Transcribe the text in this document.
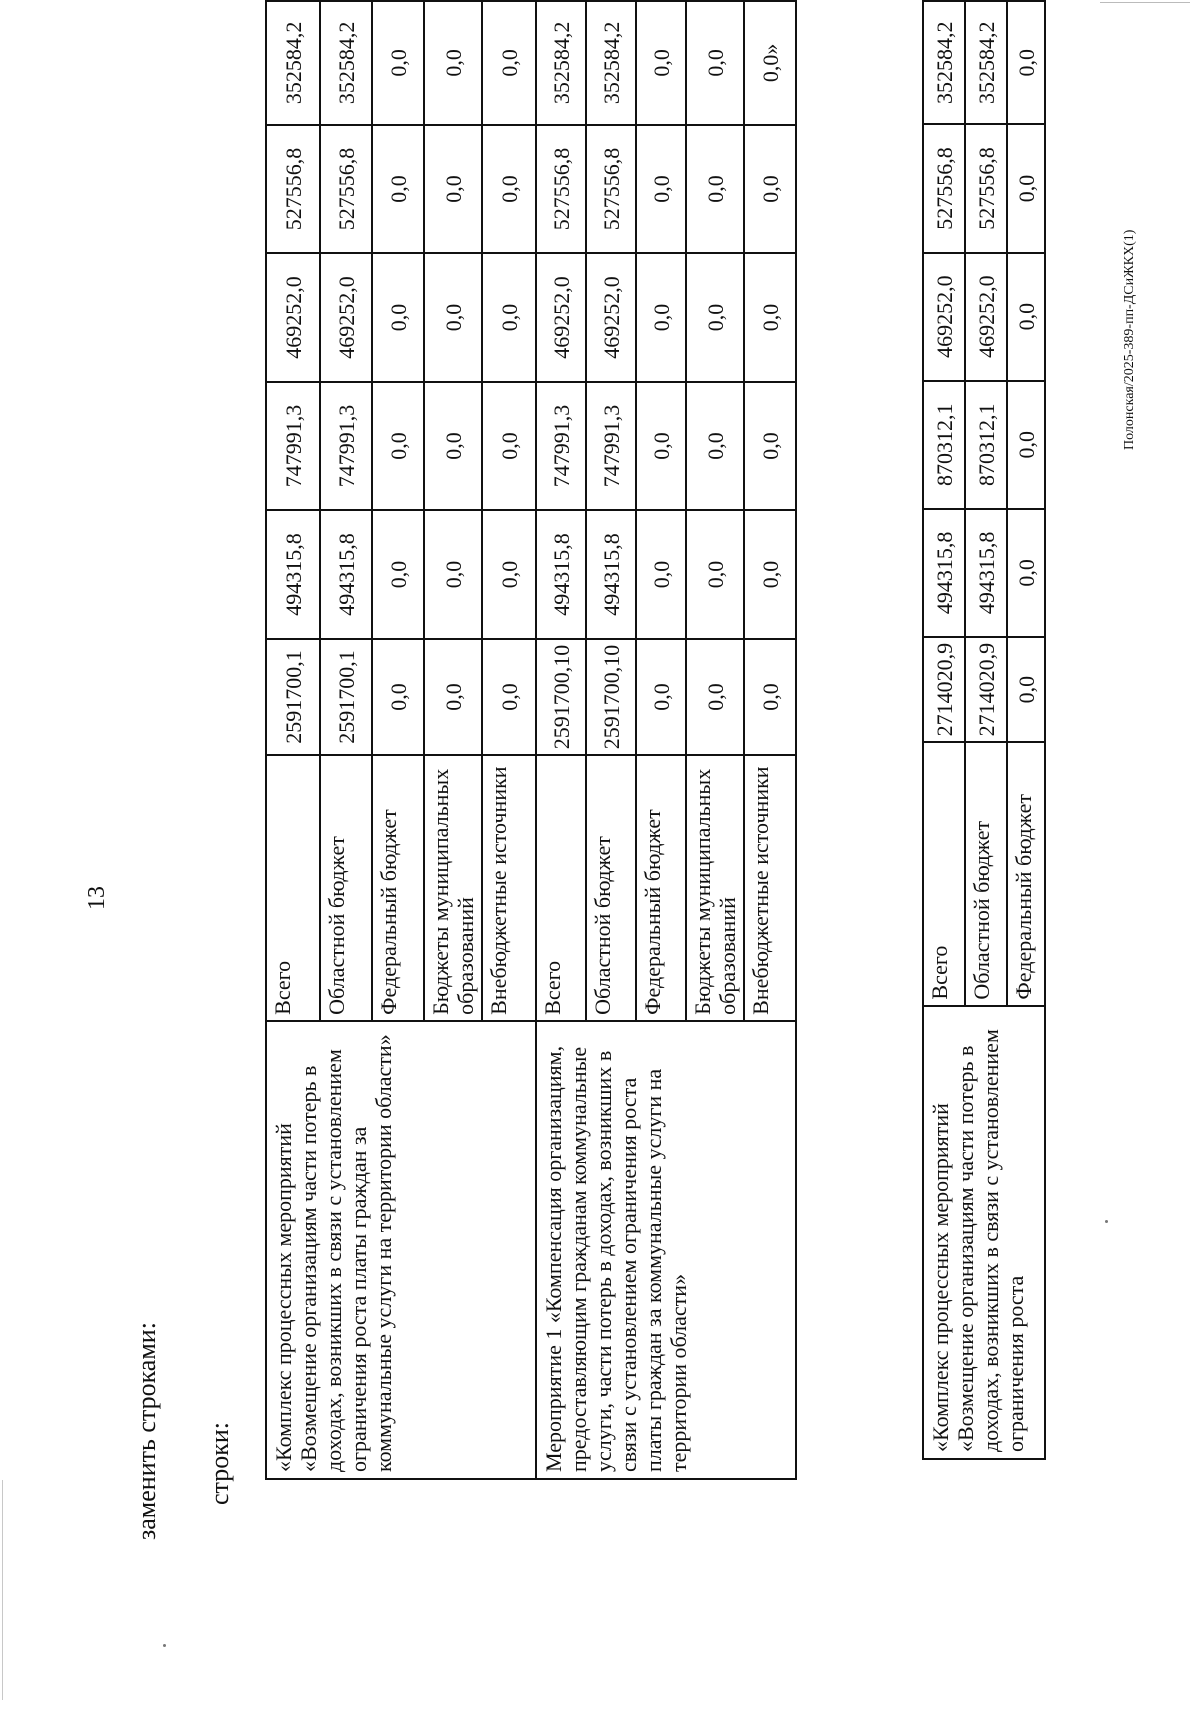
13
строки:
заменить строками:	«Комплекс процессных мероприятий «Возмещение организациям части потерь в доходах, возникших в связи с установлением ограничения роста платы граждан за коммунальные услуги на территории области»	Всего	2591700,1	494315,8	747991,3	469252,0	527556,8	352584,2
	Областной бюджет	2591700,1	494315,8	747991,3	469252,0	527556,8	352584,2
	Федеральный бюджет	0,0	0,0	0,0	0,0	0,0	0,0
	Бюджеты муниципальных образований	0,0	0,0	0,0	0,0	0,0	0,0
	Внебюджетные источники	0,0	0,0	0,0	0,0	0,0	0,0
Мероприятие 1 «Компенсация организациям, предоставляющим гражданам коммунальные услуги, части потерь в доходах, возникших в связи с установлением ограничения роста платы граждан за коммунальные услуги на территории области»	Всего	2591700,10	494315,8	747991,3	469252,0	527556,8	352584,2
	Областной бюджет	2591700,10	494315,8	747991,3	469252,0	527556,8	352584,2
	Федеральный бюджет	0,0	0,0	0,0	0,0	0,0	0,0
	Бюджеты муниципальных образований	0,0	0,0	0,0	0,0	0,0	0,0
	Внебюджетные источники	0,0	0,0	0,0	0,0	0,0	0,0»
«Комплекс процессных мероприятий «Возмещение организациям части потерь в доходах, возникших в связи с установлением ограничения роста	Всего	2714020,9	494315,8	870312,1	469252,0	527556,8	352584,2
	Областной бюджет	2714020,9	494315,8	870312,1	469252,0	527556,8	352584,2
	Федеральный бюджет	0,0	0,0	0,0	0,0	0,0	0,0
Полонская/2025-389-пп-ДСиЖКХ(1)
